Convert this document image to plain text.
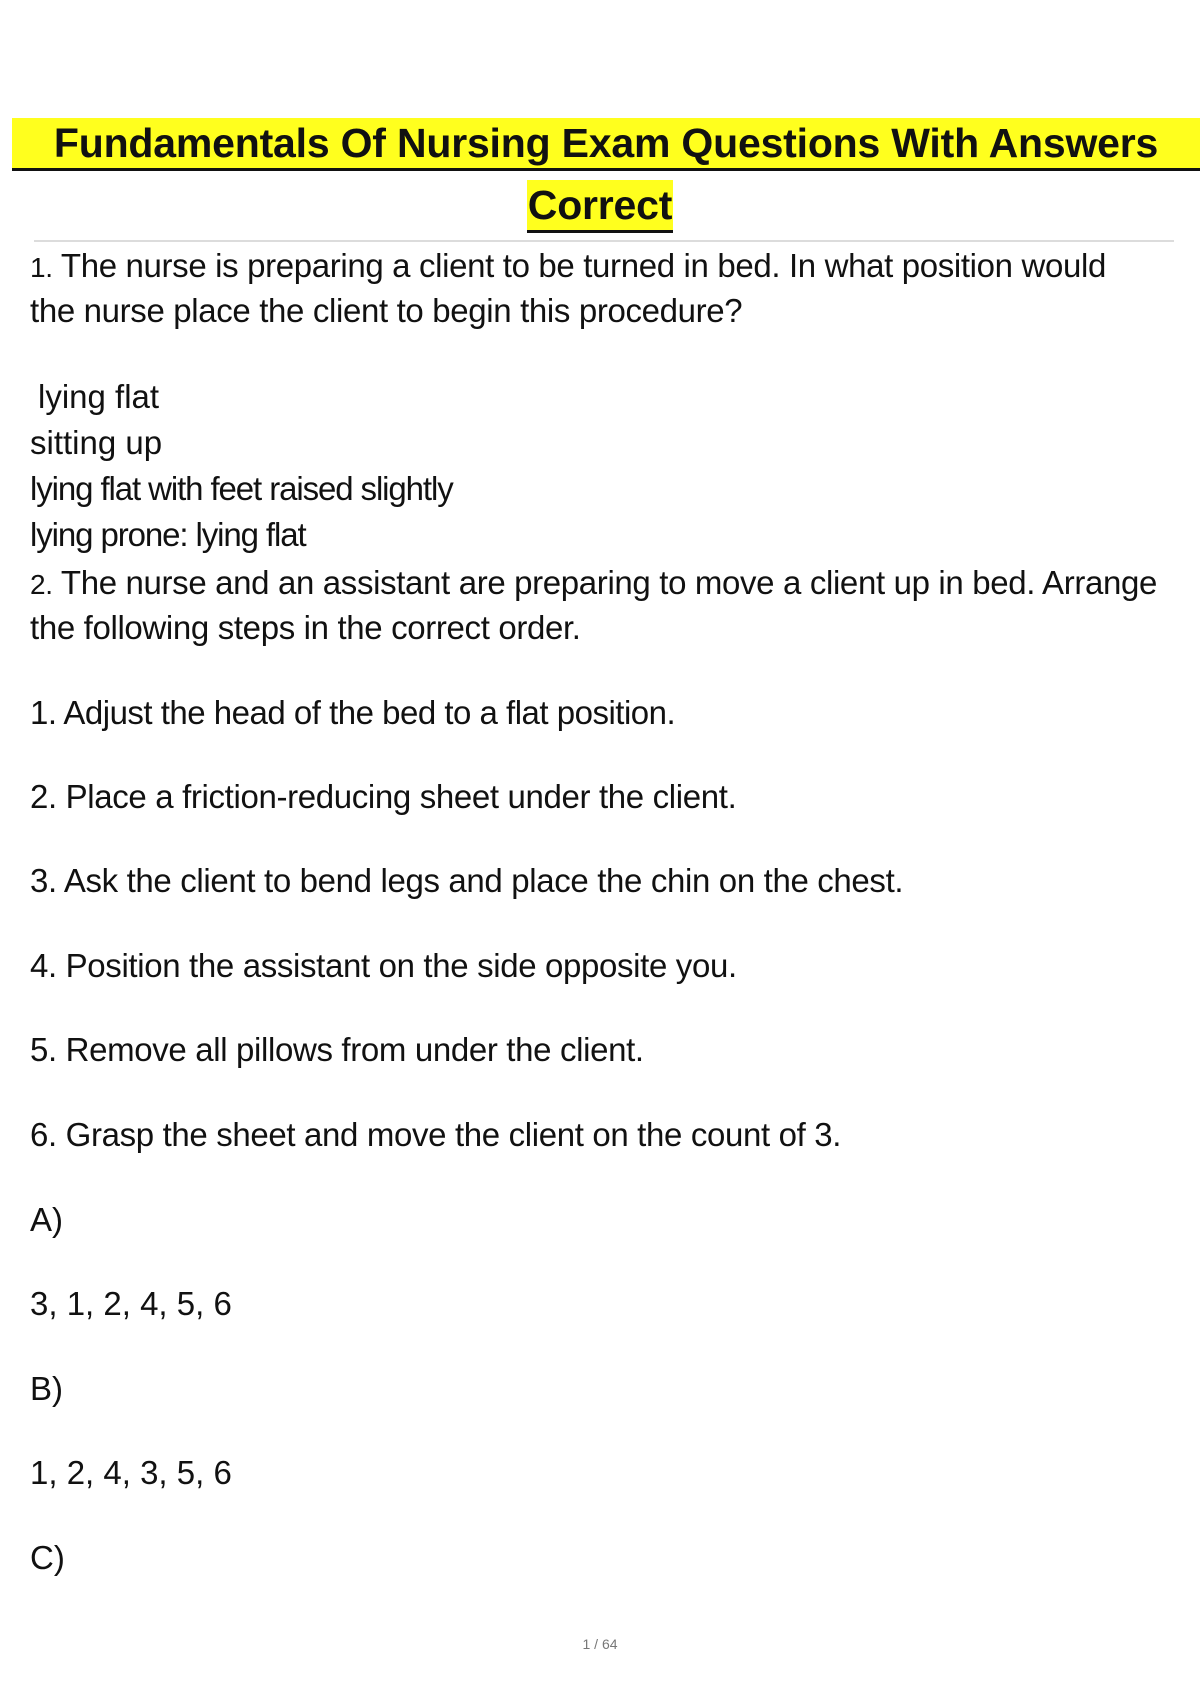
Fundamentals Of Nursing Exam Questions With Answers
Correct
1. The nurse is preparing a client to be turned in bed. In what position would
the nurse place the client to begin this procedure?
lying flat
sitting up
lying flat with feet raised slightly
lying prone: lying flat
2. The nurse and an assistant are preparing to move a client up in bed. Arrange
the following steps in the correct order.
1. Adjust the head of the bed to a flat position.
2. Place a friction-reducing sheet under the client.
3. Ask the client to bend legs and place the chin on the chest.
4. Position the assistant on the side opposite you.
5. Remove all pillows from under the client.
6. Grasp the sheet and move the client on the count of 3.
A)
3, 1, 2, 4, 5, 6
B)
1, 2, 4, 3, 5, 6
C)
1 / 64
